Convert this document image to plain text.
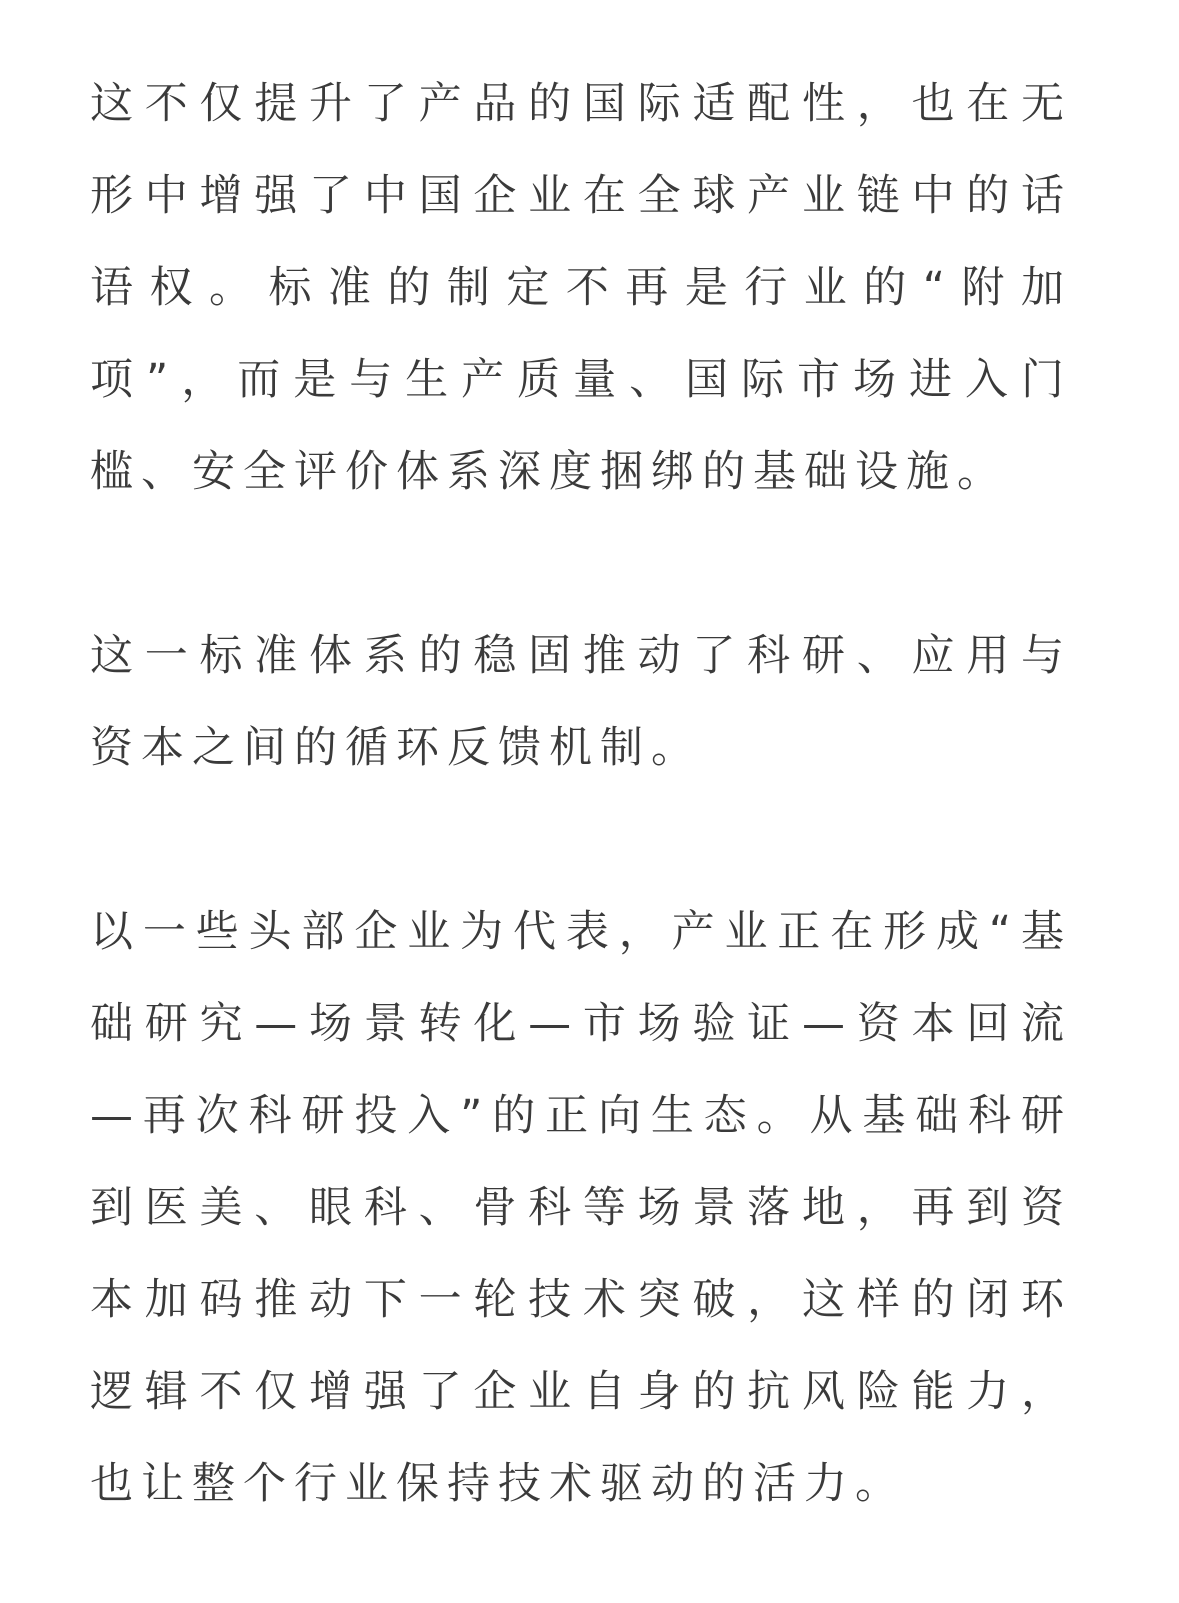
这不仅提升了产品的国际适配性，也在无
形中增强了中国企业在全球产业链中的话
语权。标准的制定不再是行业的“附加
项”，而是与生产质量、国际市场进入门
槛、安全评价体系深度捆绑的基础设施。

这一标准体系的稳固推动了科研、应用与
资本之间的循环反馈机制。

以一些头部企业为代表，产业正在形成“基
础研究—场景转化—市场验证—资本回流
—再次科研投入”的正向生态。从基础科研
到医美、眼科、骨科等场景落地，再到资
本加码推动下一轮技术突破，这样的闭环
逻辑不仅增强了企业自身的抗风险能力，
也让整个行业保持技术驱动的活力。
